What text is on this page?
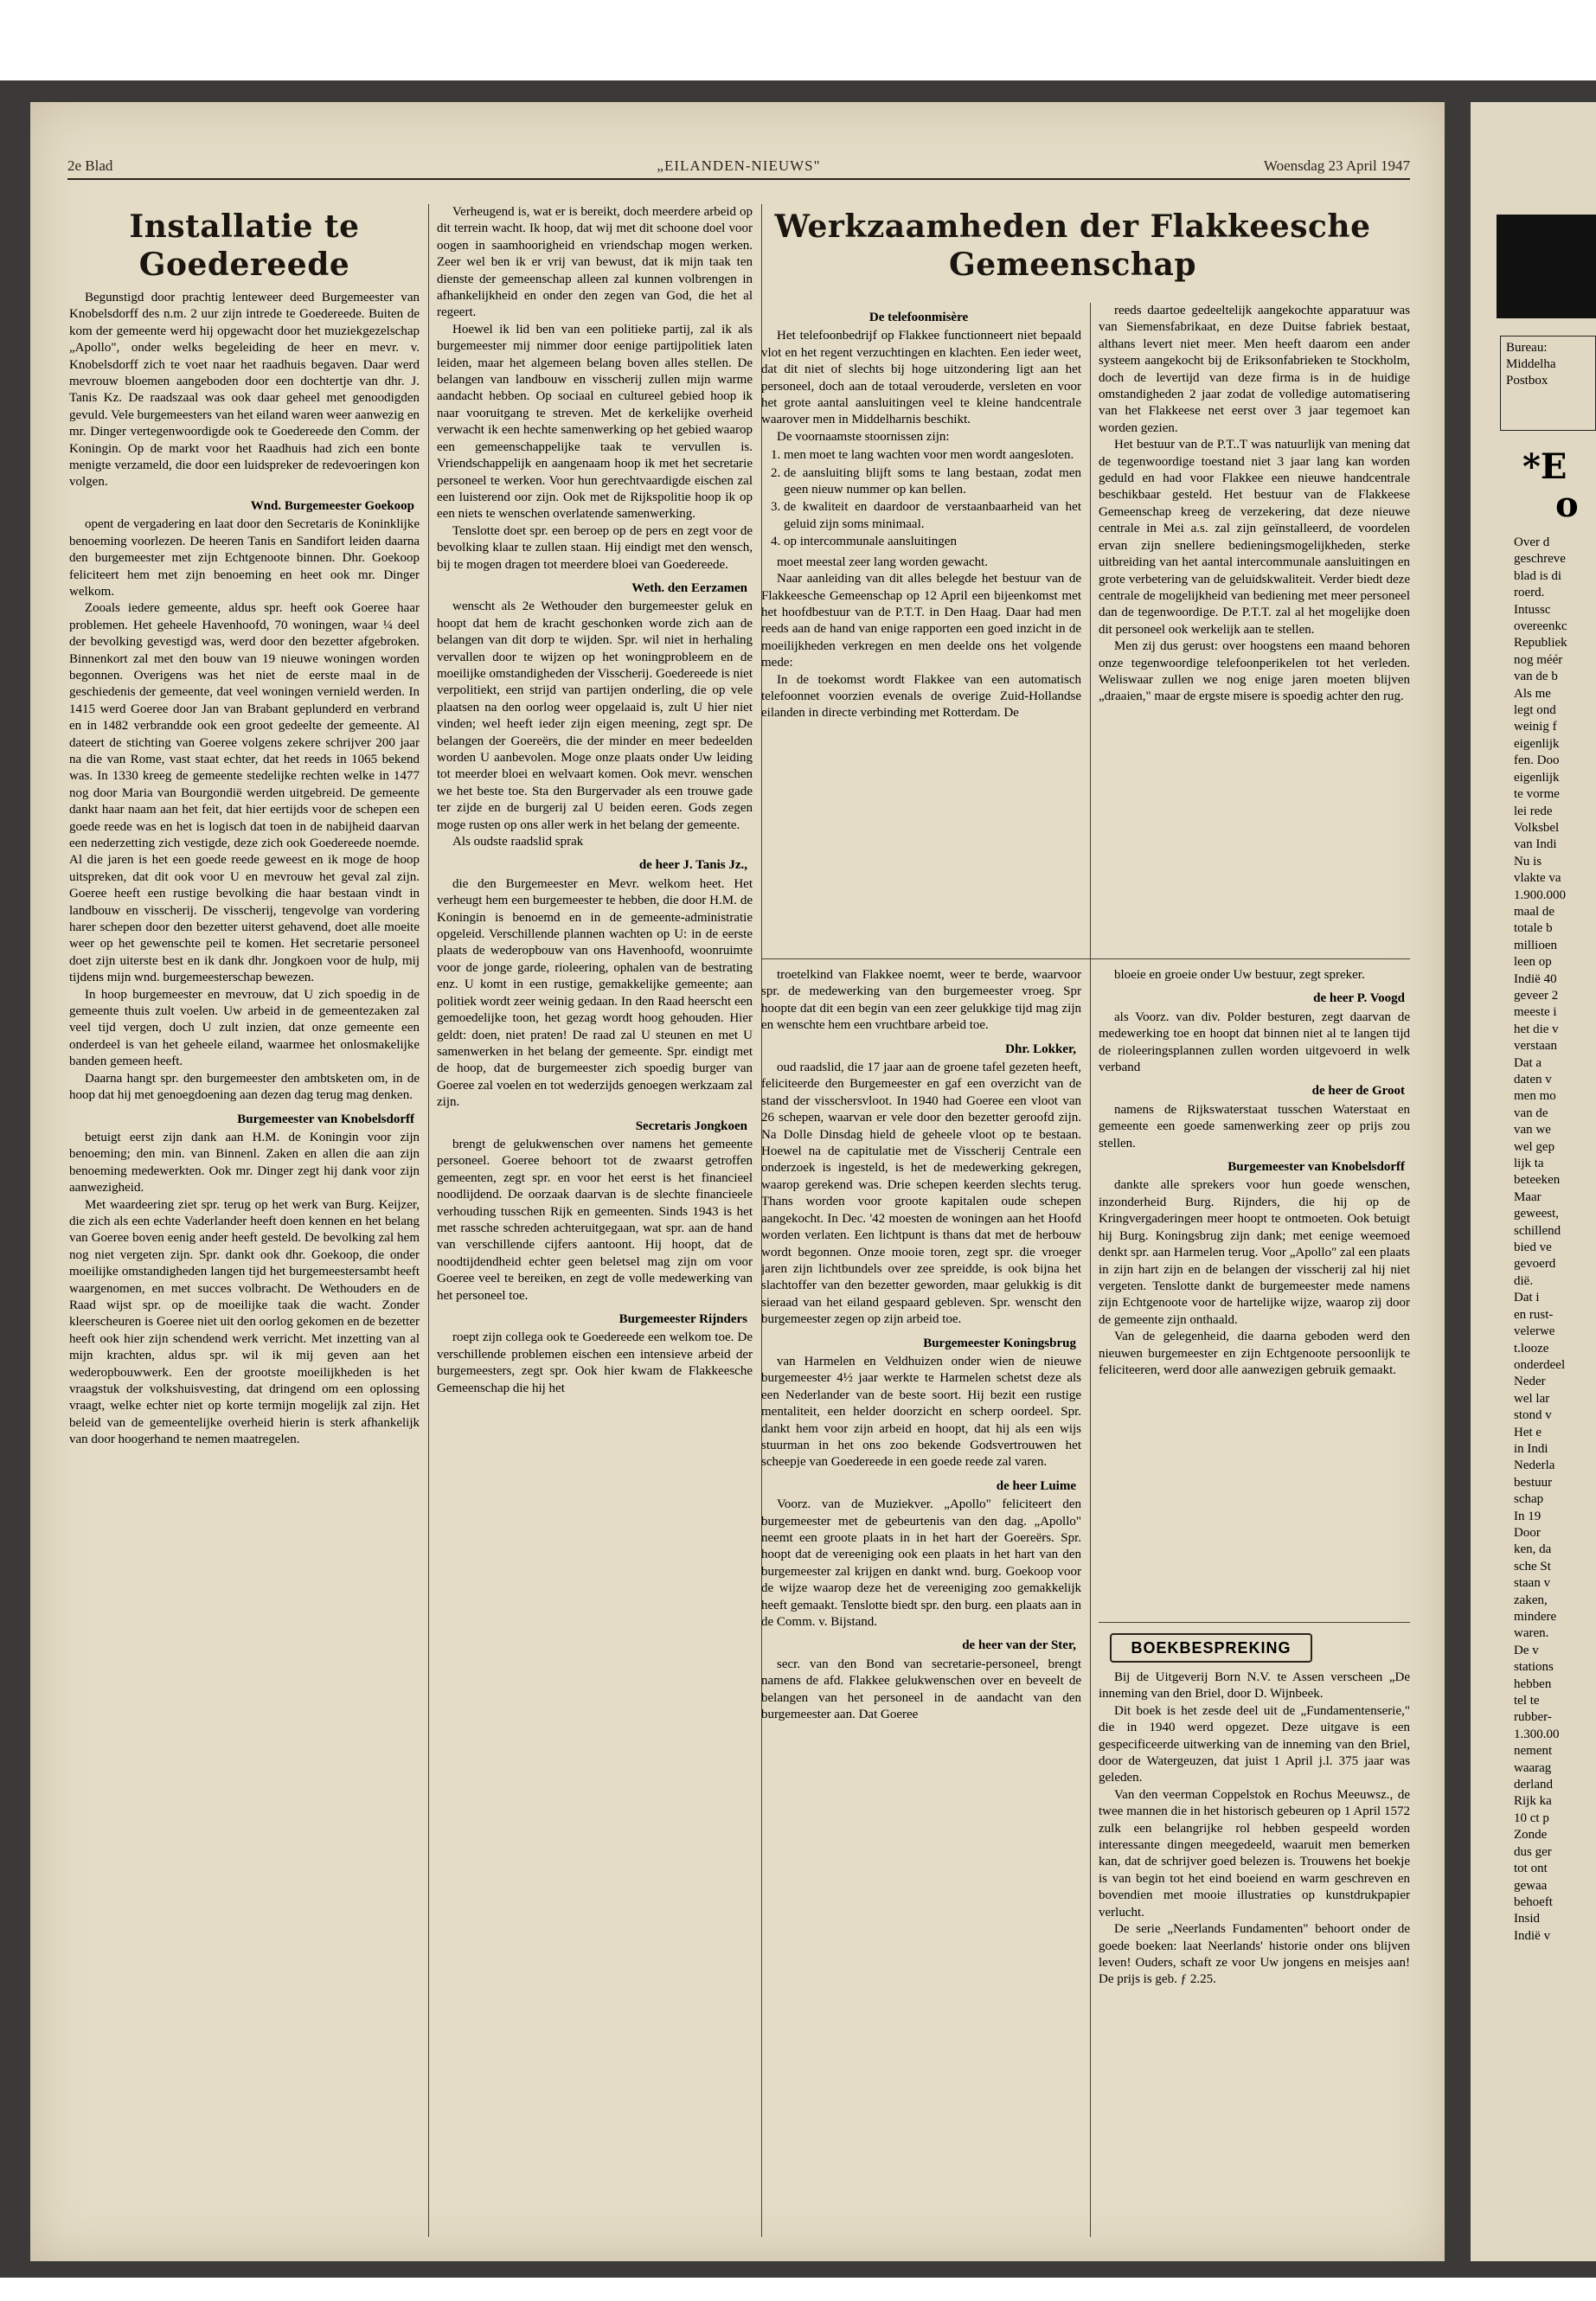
2e Blad	„EILANDEN-NIEUWS"	Woensdag 23 April 1947
Installatie te
Goedereede

Begunstigd door prachtig lenteweer deed Burgemeester van Knobelsdorff des n.m. 2 uur zijn intrede te Goedereede. Buiten de kom der gemeente werd hij opgewacht door het muziekgezelschap „Apollo", onder welks begeleiding de heer en mevr. v. Knobelsdorff zich te voet naar het raadhuis begaven. Daar werd mevrouw bloemen aangeboden door een dochtertje van dhr. J. Tanis Kz. De raadszaal was ook daar geheel met genoodigden gevuld. Vele burgemeesters van het eiland waren weer aanwezig en mr. Dinger vertegenwoordigde ook te Goedereede den Comm. der Koningin. Op de markt voor het Raadhuis had zich een bonte menigte verzameld, die door een luidspreker de redevoeringen kon volgen.

Wnd. Burgemeester Goekoop

opent de vergadering en laat door den Secretaris de Koninklijke benoeming voorlezen. De heeren Tanis en Sandifort leiden daarna den burgemeester met zijn Echtgenoote binnen. Dhr. Goekoop feliciteert hem met zijn benoeming en heet ook mr. Dinger welkom.

Zooals iedere gemeente, aldus spr. heeft ook Goeree haar problemen. Het geheele Havenhoofd, 70 woningen, waar ¼ deel der bevolking gevestigd was, werd door den bezetter afgebroken. Binnenkort zal met den bouw van 19 nieuwe woningen worden begonnen. Overigens was het niet de eerste maal in de geschiedenis der gemeente, dat veel woningen vernield werden. In 1415 werd Goeree door Jan van Brabant geplunderd en verbrand en in 1482 verbrandde ook een groot gedeelte der gemeente. Al dateert de stichting van Goeree volgens zekere schrijver 200 jaar na die van Rome, vast staat echter, dat het reeds in 1065 bekend was. In 1330 kreeg de gemeente stedelijke rechten welke in 1477 nog door Maria van Bourgondië werden uitgebreid. De gemeente dankt haar naam aan het feit, dat hier eertijds voor de schepen een goede reede was en het is logisch dat toen in de nabijheid daarvan een nederzetting zich vestigde, deze zich ook Goedereede noemde. Al die jaren is het een goede reede geweest en ik moge de hoop uitspreken, dat dit ook voor U en mevrouw het geval zal zijn. Goeree heeft een rustige bevolking die haar bestaan vindt in landbouw en visscherij. De visscherij, tengevolge van vordering harer schepen door den bezetter uiterst gehavend, doet alle moeite weer op het gewenschte peil te komen. Het secretarie personeel doet zijn uiterste best en ik dank dhr. Jongkoen voor de hulp, mij tijdens mijn wnd. burgemeesterschap bewezen.

In hoop burgemeester en mevrouw, dat U zich spoedig in de gemeente thuis zult voelen. Uw arbeid in de gemeentezaken zal veel tijd vergen, doch U zult inzien, dat onze gemeente een onderdeel is van het geheele eiland, waarmee het onlosmakelijke banden gemeen heeft.

Daarna hangt spr. den burgemeester den ambtsketen om, in de hoop dat hij met genoegdoening aan dezen dag terug mag denken.

Burgemeester van Knobelsdorff

betuigt eerst zijn dank aan H.M. de Koningin voor zijn benoeming; den min. van Binnenl. Zaken en allen die aan zijn benoeming medewerkten. Ook mr. Dinger zegt hij dank voor zijn aanwezigheid.

Met waardeering ziet spr. terug op het werk van Burg. Keijzer, die zich als een echte Vaderlander heeft doen kennen en het belang van Goeree boven eenig ander heeft gesteld. De bevolking zal hem nog niet vergeten zijn. Spr. dankt ook dhr. Goekoop, die onder moeilijke omstandigheden langen tijd het burgemeestersambt heeft waargenomen, en met succes volbracht. De Wethouders en de Raad wijst spr. op de moeilijke taak die wacht. Zonder kleerscheuren is Goeree niet uit den oorlog gekomen en de bezetter heeft ook hier zijn schendend werk verricht. Met inzetting van al mijn krachten, aldus spr. wil ik mij geven aan het wederopbouwwerk. Een der grootste moeilijkheden is het vraagstuk der volkshuisvesting, dat dringend om een oplossing vraagt, welke echter niet op korte termijn mogelijk zal zijn. Het beleid van de gemeentelijke overheid hierin is sterk afhankelijk van door hoogerhand te nemen maatregelen.

Verheugend is, wat er is bereikt, doch meerdere arbeid op dit terrein wacht. Ik hoop, dat wij met dit schoone doel voor oogen in saamhoorigheid en vriendschap mogen werken. Zeer wel ben ik er vrij van bewust, dat ik mijn taak ten dienste der gemeenschap alleen zal kunnen volbrengen in afhankelijkheid en onder den zegen van God, die het al regeert.

Hoewel ik lid ben van een politieke partij, zal ik als burgemeester mij nimmer door eenige partijpolitiek laten leiden, maar het algemeen belang boven alles stellen. De belangen van landbouw en visscherij zullen mijn warme aandacht hebben. Op sociaal en cultureel gebied hoop ik naar vooruitgang te streven. Met de kerkelijke overheid verwacht ik een hechte samenwerking op het gebied waarop een gemeenschappelijke taak te vervullen is. Vriendschappelijk en aangenaam hoop ik met het secretarie personeel te werken. Voor hun gerechtvaardigde eischen zal een luisterend oor zijn. Ook met de Rijkspolitie hoop ik op een niets te wenschen overlatende samenwerking.

Tenslotte doet spr. een beroep op de pers en zegt voor de bevolking klaar te zullen staan. Hij eindigt met den wensch, bij te mogen dragen tot meerdere bloei van Goedereede.

Weth. den Eerzamen

wenscht als 2e Wethouder den burgemeester geluk en hoopt dat hem de kracht geschonken worde zich aan de belangen van dit dorp te wijden. Spr. wil niet in herhaling vervallen door te wijzen op het woningprobleem en de moeilijke omstandigheden der Visscherij. Goedereede is niet verpolitiekt, een strijd van partijen onderling, die op vele plaatsen na den oorlog weer opgelaaid is, zult U hier niet vinden; wel heeft ieder zijn eigen meening, zegt spr. De belangen der Goereërs, die der minder en meer bedeelden worden U aanbevolen. Moge onze plaats onder Uw leiding tot meerder bloei en welvaart komen. Ook mevr. wenschen we het beste toe. Sta den Burgervader als een trouwe gade ter zijde en de burgerij zal U beiden eeren. Gods zegen moge rusten op ons aller werk in het belang der gemeente.

Als oudste raadslid sprak

de heer J. Tanis Jz.,

die den Burgemeester en Mevr. welkom heet. Het verheugt hem een burgemeester te hebben, die door H.M. de Koningin is benoemd en in de gemeente-administratie opgeleid. Verschillende plannen wachten op U: in de eerste plaats de wederopbouw van ons Havenhoofd, woonruimte voor de jonge garde, rioleering, ophalen van de bestrating enz. U komt in een rustige, gemakkelijke gemeente; aan politiek wordt zeer weinig gedaan. In den Raad heerscht een gemoedelijke toon, het gezag wordt hoog gehouden. Hier geldt: doen, niet praten! De raad zal U steunen en met U samenwerken in het belang der gemeente. Spr. eindigt met de hoop, dat de burgemeester zich spoedig burger van Goeree zal voelen en tot wederzijds genoegen werkzaam zal zijn.

Secretaris Jongkoen

brengt de gelukwenschen over namens het gemeente personeel. Goeree behoort tot de zwaarst getroffen gemeenten, zegt spr. en voor het eerst is het financieel noodlijdend. De oorzaak daarvan is de slechte financieele verhouding tusschen Rijk en gemeenten. Sinds 1943 is het met rassche schreden achteruitgegaan, wat spr. aan de hand van verschillende cijfers aantoont. Hij hoopt, dat de noodtijdendheid echter geen beletsel mag zijn om voor Goeree veel te bereiken, en zegt de volle medewerking van het personeel toe.

Burgemeester Rijnders

roept zijn collega ook te Goedereede een welkom toe. De verschillende problemen eischen een intensieve arbeid der burgemeesters, zegt spr. Ook hier kwam de Flakkeesche Gemeenschap die hij het

Werkzaamheden der Flakkeesche
Gemeenschap
De telefoonmisère

Het telefoonbedrijf op Flakkee functionneert niet bepaald vlot en het regent verzuchtingen en klachten. Een ieder weet, dat dit niet of slechts bij hoge uitzondering ligt aan het personeel, doch aan de totaal verouderde, versleten en voor het grote aantal aansluitingen veel te kleine handcentrale waarover men in Middelharnis beschikt.

De voornaamste stoornissen zijn:

1. men moet te lang wachten voor men wordt aangesloten.
2. de aansluiting blijft soms te lang bestaan, zodat men geen nieuw nummer op kan bellen.
3. de kwaliteit en daardoor de verstaanbaarheid van het geluid zijn soms minimaal.
4. op intercommunale aansluitingen

moet meestal zeer lang worden gewacht.

Naar aanleiding van dit alles belegde het bestuur van de Flakkeesche Gemeenschap op 12 April een bijeenkomst met het hoofdbestuur van de P.T.T. in Den Haag. Daar had men reeds aan de hand van enige rapporten een goed inzicht in de moeilijkheden verkregen en men deelde ons het volgende mede:

In de toekomst wordt Flakkee van een automatisch telefoonnet voorzien evenals de overige Zuid-Hollandse eilanden in directe verbinding met Rotterdam. De

reeds daartoe gedeeltelijk aangekochte apparatuur was van Siemensfabrikaat, en deze Duitse fabriek bestaat, althans levert niet meer. Men heeft daarom een ander systeem aangekocht bij de Eriksonfabrieken te Stockholm, doch de levertijd van deze firma is in de huidige omstandigheden 2 jaar zodat de volledige automatisering van het Flakkeese net eerst over 3 jaar tegemoet kan worden gezien.

Het bestuur van de P.T..T was natuurlijk van mening dat de tegenwoordige toestand niet 3 jaar lang kan worden geduld en had voor Flakkee een nieuwe handcentrale beschikbaar gesteld. Het bestuur van de Flakkeese Gemeenschap kreeg de verzekering, dat deze nieuwe centrale in Mei a.s. zal zijn geïnstalleerd, de voordelen ervan zijn snellere bedieningsmogelijkheden, sterke uitbreiding van het aantal intercommunale aansluitingen en grote verbetering van de geluidskwaliteit. Verder biedt deze centrale de mogelijkheid van bediening met meer personeel dan de tegenwoordige. De P.T.T. zal al het mogelijke doen dit personeel ook werkelijk aan te stellen.

Men zij dus gerust: over hoogstens een maand behoren onze tegenwoordige telefoonperikelen tot het verleden. Weliswaar zullen we nog enige jaren moeten blijven „draaien," maar de ergste misere is spoedig achter den rug.

troetelkind van Flakkee noemt, weer te berde, waarvoor spr. de medewerking van den burgemeester vroeg. Spr hoopte dat dit een begin van een zeer gelukkige tijd mag zijn en wenschte hem een vruchtbare arbeid toe.

Dhr. Lokker,

oud raadslid, die 17 jaar aan de groene tafel gezeten heeft, feliciteerde den Burgemeester en gaf een overzicht van de stand der visschersvloot. In 1940 had Goeree een vloot van 26 schepen, waarvan er vele door den bezetter geroofd zijn. Na Dolle Dinsdag hield de geheele vloot op te bestaan. Hoewel na de capitulatie met de Visscherij Centrale een onderzoek is ingesteld, is het de medewerking gekregen, waarop gerekend was. Drie schepen keerden slechts terug. Thans worden voor groote kapitalen oude schepen aangekocht. In Dec. '42 moesten de woningen aan het Hoofd worden verlaten. Een lichtpunt is thans dat met de herbouw wordt begonnen. Onze mooie toren, zegt spr. die vroeger jaren zijn lichtbundels over zee spreidde, is ook bijna het slachtoffer van den bezetter geworden, maar gelukkig is dit sieraad van het eiland gespaard gebleven. Spr. wenscht den burgemeester zegen op zijn arbeid toe.

Burgemeester Koningsbrug

van Harmelen en Veldhuizen onder wien de nieuwe burgemeester 4½ jaar werkte te Harmelen schetst deze als een Nederlander van de beste soort. Hij bezit een rustige mentaliteit, een helder doorzicht en scherp oordeel. Spr. dankt hem voor zijn arbeid en hoopt, dat hij als een wijs stuurman in het ons zoo bekende Godsvertrouwen het scheepje van Goedereede in een goede reede zal varen.

de heer Luime

Voorz. van de Muziekver. „Apollo" feliciteert den burgemeester met de gebeurtenis van den dag. „Apollo" neemt een groote plaats in in het hart der Goereërs. Spr. hoopt dat de vereeniging ook een plaats in het hart van den burgemeester zal krijgen en dankt wnd. burg. Goekoop voor de wijze waarop deze het de vereeniging zoo gemakkelijk heeft gemaakt. Tenslotte biedt spr. den burg. een plaats aan in de Comm. v. Bijstand.

de heer van der Ster,

secr. van den Bond van secretarie-personeel, brengt namens de afd. Flakkee gelukwenschen over en beveelt de belangen van het personeel in de aandacht van den burgemeester aan. Dat Goeree

bloeie en groeie onder Uw bestuur, zegt spreker.

de heer P. Voogd

als Voorz. van div. Polder besturen, zegt daarvan de medewerking toe en hoopt dat binnen niet al te langen tijd de rioleeringsplannen zullen worden uitgevoerd in welk verband

de heer de Groot

namens de Rijkswaterstaat tusschen Waterstaat en gemeente een goede samenwerking zeer op prijs zou stellen.

Burgemeester van Knobelsdorff

dankte alle sprekers voor hun goede wenschen, inzonderheid Burg. Rijnders, die hij op de Kringvergaderingen meer hoopt te ontmoeten. Ook betuigt hij Burg. Koningsbrug zijn dank; met eenige weemoed denkt spr. aan Harmelen terug. Voor „Apollo" zal een plaats in zijn hart zijn en de belangen der visscherij zal hij niet vergeten. Tenslotte dankt de burgemeester mede namens zijn Echtgenoote voor de hartelijke wijze, waarop zij door de gemeente zijn onthaald.

Van de gelegenheid, die daarna geboden werd den nieuwen burgemeester en zijn Echtgenoote persoonlijk te feliciteeren, werd door alle aanwezigen gebruik gemaakt.

BOEKBESPREKING

Bij de Uitgeverij Born N.V. te Assen verscheen „De inneming van den Briel, door D. Wijnbeek.

Dit boek is het zesde deel uit de „Fundamentenserie," die in 1940 werd opgezet. Deze uitgave is een gespecificeerde uitwerking van de inneming van den Briel, door de Watergeuzen, dat juist 1 April j.l. 375 jaar was geleden.

Van den veerman Coppelstok en Rochus Meeuwsz., de twee mannen die in het historisch gebeuren op 1 April 1572 zulk een belangrijke rol hebben gespeeld worden interessante dingen meegedeeld, waaruit men bemerken kan, dat de schrijver goed belezen is. Trouwens het boekje is van begin tot het eind boeiend en warm geschreven en bovendien met mooie illustraties op kunstdrukpapier verlucht.

De serie „Neerlands Fundamenten" behoort onder de goede boeken: laat Neerlands' historie onder ons blijven leven! Ouders, schaft ze voor Uw jongens en meisjes aan! De prijs is geb. ƒ 2.25.

Bureau:
Middelha
Postbox
*E
o
Over d
geschreve
blad is di
roerd.
Intussc
overeenkc
Republiek
nog méér
van de b
Als me
legt ond
weinig f
eigenlijk
fen. Doo
eigenlijk
te vorme
lei rede
Volksbel
van Indi
Nu is
vlakte va
1.900.000
maal de
totale b
millioen
leen op
Indië 40
geveer 2
meeste i
het die v
verstaan
Dat a
daten v
men mo
van de
van we
wel gep
lijk ta
beteeken
Maar
geweest,
schillend
bied ve
gevoerd
dië.
Dat i
en rust-
velerwe
t.looze
onderdeel
Neder
wel lar
stond v
Het e
in Indi
Nederla
bestuur
schap
In 19
Door
ken, da
sche St
staan v
zaken,
mindere
waren.
De v
stations
hebben
tel te
rubber-
1.300.00
nement
waarag
derland
Rijk ka
10 ct p
Zonde
dus ger
tot ont
gewaa
behoeft
Insid
Indië v
